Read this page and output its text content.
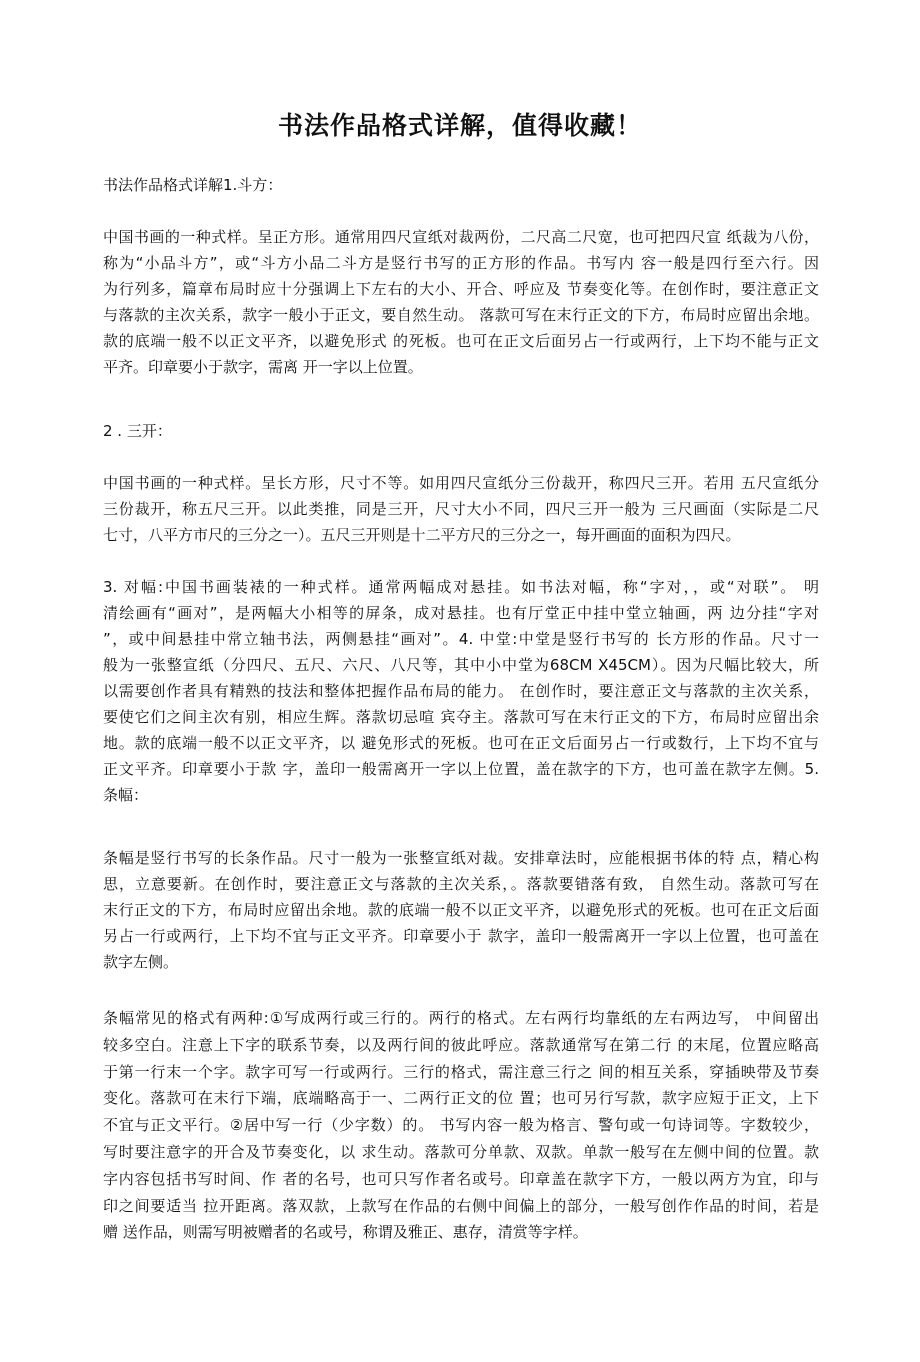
书法作品格式详解，值得收藏！
书法作品格式详解1.斗方：
中国书画的一种式样。呈正方形。通常用四尺宣纸对裁两份，二尺高二尺宽，也可把四尺宣 纸裁为八份，
称为“小品斗方”，或“斗方小品二斗方是竖行书写的正方形的作品。书写内 容一般是四行至六行。因
为行列多，篇章布局时应十分强调上下左右的大小、开合、呼应及 节奏变化等。在创作时，要注意正文
与落款的主次关系，款字一般小于正文，要自然生动。 落款可写在末行正文的下方，布局时应留出余地。
款的底端一般不以正文平齐，以避免形式 的死板。也可在正文后面另占一行或两行，上下均不能与正文
平齐。印章要小于款字，需离 开一字以上位置。
2 . 三开：
中国书画的一种式样。呈长方形，尺寸不等。如用四尺宣纸分三份裁开，称四尺三开。若用 五尺宣纸分
三份裁开，称五尺三开。以此类推，同是三开，尺寸大小不同，四尺三开一般为 三尺画面（实际是二尺
七寸，八平方市尺的三分之一）。五尺三开则是十二平方尺的三分之一，每开画面的面积为四尺。
3. 对幅:中国书画装裱的一种式样。通常两幅成对悬挂。如书法对幅，称“字对，，或“对联”。 明
清绘画有“画对”，是两幅大小相等的屏条，成对悬挂。也有厅堂正中挂中堂立轴画，两 边分挂“字对
”，或中间悬挂中常立轴书法，两侧悬挂“画对”。4. 中堂:中堂是竖行书写的 长方形的作品。尺寸一
般为一张整宣纸（分四尺、五尺、六尺、八尺等，其中小中堂为68CM X45CM）。因为尺幅比较大，所
以需要创作者具有精熟的技法和整体把握作品布局的能力。 在创作时，要注意正文与落款的主次关系，
要使它们之间主次有别，相应生辉。落款切忌喧 宾夺主。落款可写在末行正文的下方，布局时应留出余
地。款的底端一般不以正文平齐，以 避免形式的死板。也可在正文后面另占一行或数行，上下均不宜与
正文平齐。印章要小于款 字，盖印一般需离开一字以上位置，盖在款字的下方，也可盖在款字左侧。5.
条幅：
条幅是竖行书写的长条作品。尺寸一般为一张整宣纸对裁。安排章法时，应能根据书体的特 点，精心构
思，立意要新。在创作时，要注意正文与落款的主次关系，。落款要错落有致， 自然生动。落款可写在
末行正文的下方，布局时应留出余地。款的底端一般不以正文平齐，以避免形式的死板。也可在正文后面
另占一行或两行，上下均不宜与正文平齐。印章要小于 款字，盖印一般需离开一字以上位置，也可盖在
款字左侧。
条幅常见的格式有两种:①写成两行或三行的。两行的格式。左右两行均靠纸的左右两边写， 中间留出
较多空白。注意上下字的联系节奏，以及两行间的彼此呼应。落款通常写在第二行 的末尾，位置应略高
于第一行末一个字。款字可写一行或两行。三行的格式，需注意三行之 间的相互关系，穿插映带及节奏
变化。落款可在末行下端，底端略高于一、二两行正文的位 置；也可另行写款，款字应短于正文，上下
不宜与正文平行。②居中写一行（少字数）的。 书写内容一般为格言、警句或一句诗词等。字数较少，
写时要注意字的开合及节奏变化，以 求生动。落款可分单款、双款。单款一般写在左侧中间的位置。款
字内容包括书写时间、作 者的名号，也可只写作者名或号。印章盖在款字下方，一般以两方为宜，印与
印之间要适当 拉开距离。落双款，上款写在作品的右侧中间偏上的部分，一般写创作作品的时间，若是
赠 送作品，则需写明被赠者的名或号，称谓及雅正、惠存，清赏等字样。
